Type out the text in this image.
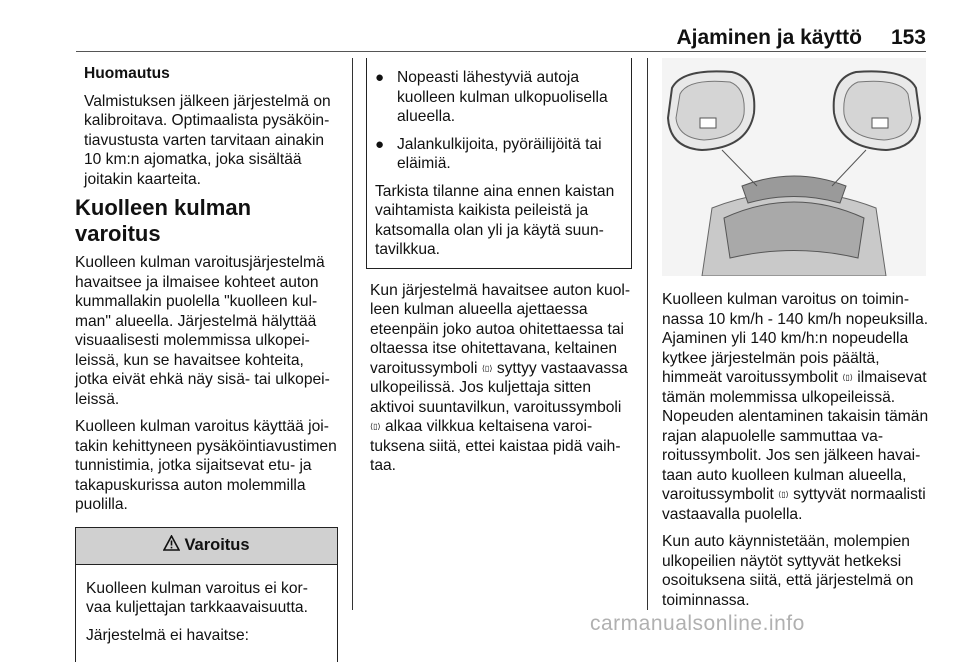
Ajaminen ja käyttö 153

Huomautus

Valmistuksen jälkeen järjestelmä on kalibroitava. Optimaalista pysäköintiavustusta varten tarvitaan ainakin 10 km:n ajomatka, joka sisältää joitakin kaarteita.

Kuolleen kulman varoitus

Kuolleen kulman varoitusjärjestelmä havaitsee ja ilmaisee kohteet auton kummallakin puolella "kuolleen kulman" alueella. Järjestelmä hälyttää visuaalisesti molemmissa ulkopeileissä, kun se havaitsee kohteita, jotka eivät ehkä näy sisä- tai ulkopeileissä.

Kuolleen kulman varoitus käyttää joitakin kehittyneen pysäköintiavustimen tunnistimia, jotka sijaitsevat etu- ja takapuskurissa auton molemmilla puolilla.

Varoitus

Kuolleen kulman varoitus ei korvaa kuljettajan tarkkaavaisuutta.

Järjestelmä ei havaitse:

● Nopeasti lähestyviä autoja kuolleen kulman ulkopuolisella alueella.
● Jalankulkijoita, pyöräilijöitä tai eläimiä.

Tarkista tilanne aina ennen kaistan vaihtamista kaikista peileistä ja katsomalla olan yli ja käytä suuntavilkkua.

Kun järjestelmä havaitsee auton kuolleen kulman alueella ajettaessa eteenpäin joko autoa ohitettaessa tai oltaessa itse ohitettavana, keltainen varoitussymboli ⟨▯⟩ syttyy vastaavassa ulkopeilissä. Jos kuljettaja sitten aktivoi suuntavilkun, varoitussymboli ⟨▯⟩ alkaa vilkkua keltaisena varoituksena siitä, ettei kaistaa pidä vaihtaa.

Kuolleen kulman varoitus on toiminnassa 10 km/h - 140 km/h nopeuksilla. Ajaminen yli 140 km/h:n nopeudella kytkee järjestelmän pois päältä, himmeät varoitussymbolit ⟨▯⟩ ilmaisevat tämän molemmissa ulkopeileissä. Nopeuden alentaminen takaisin tämän rajan alapuolelle sammuttaa varoitussymbolit. Jos sen jälkeen havaitaan auto kuolleen kulman alueella, varoitussymbolit ⟨▯⟩ syttyvät normaalisti vastaavalla puolella.

Kun auto käynnistetään, molempien ulkopeilien näytöt syttyvät hetkeksi osoituksena siitä, että järjestelmä on toiminnassa.

carmanualsonline.info
